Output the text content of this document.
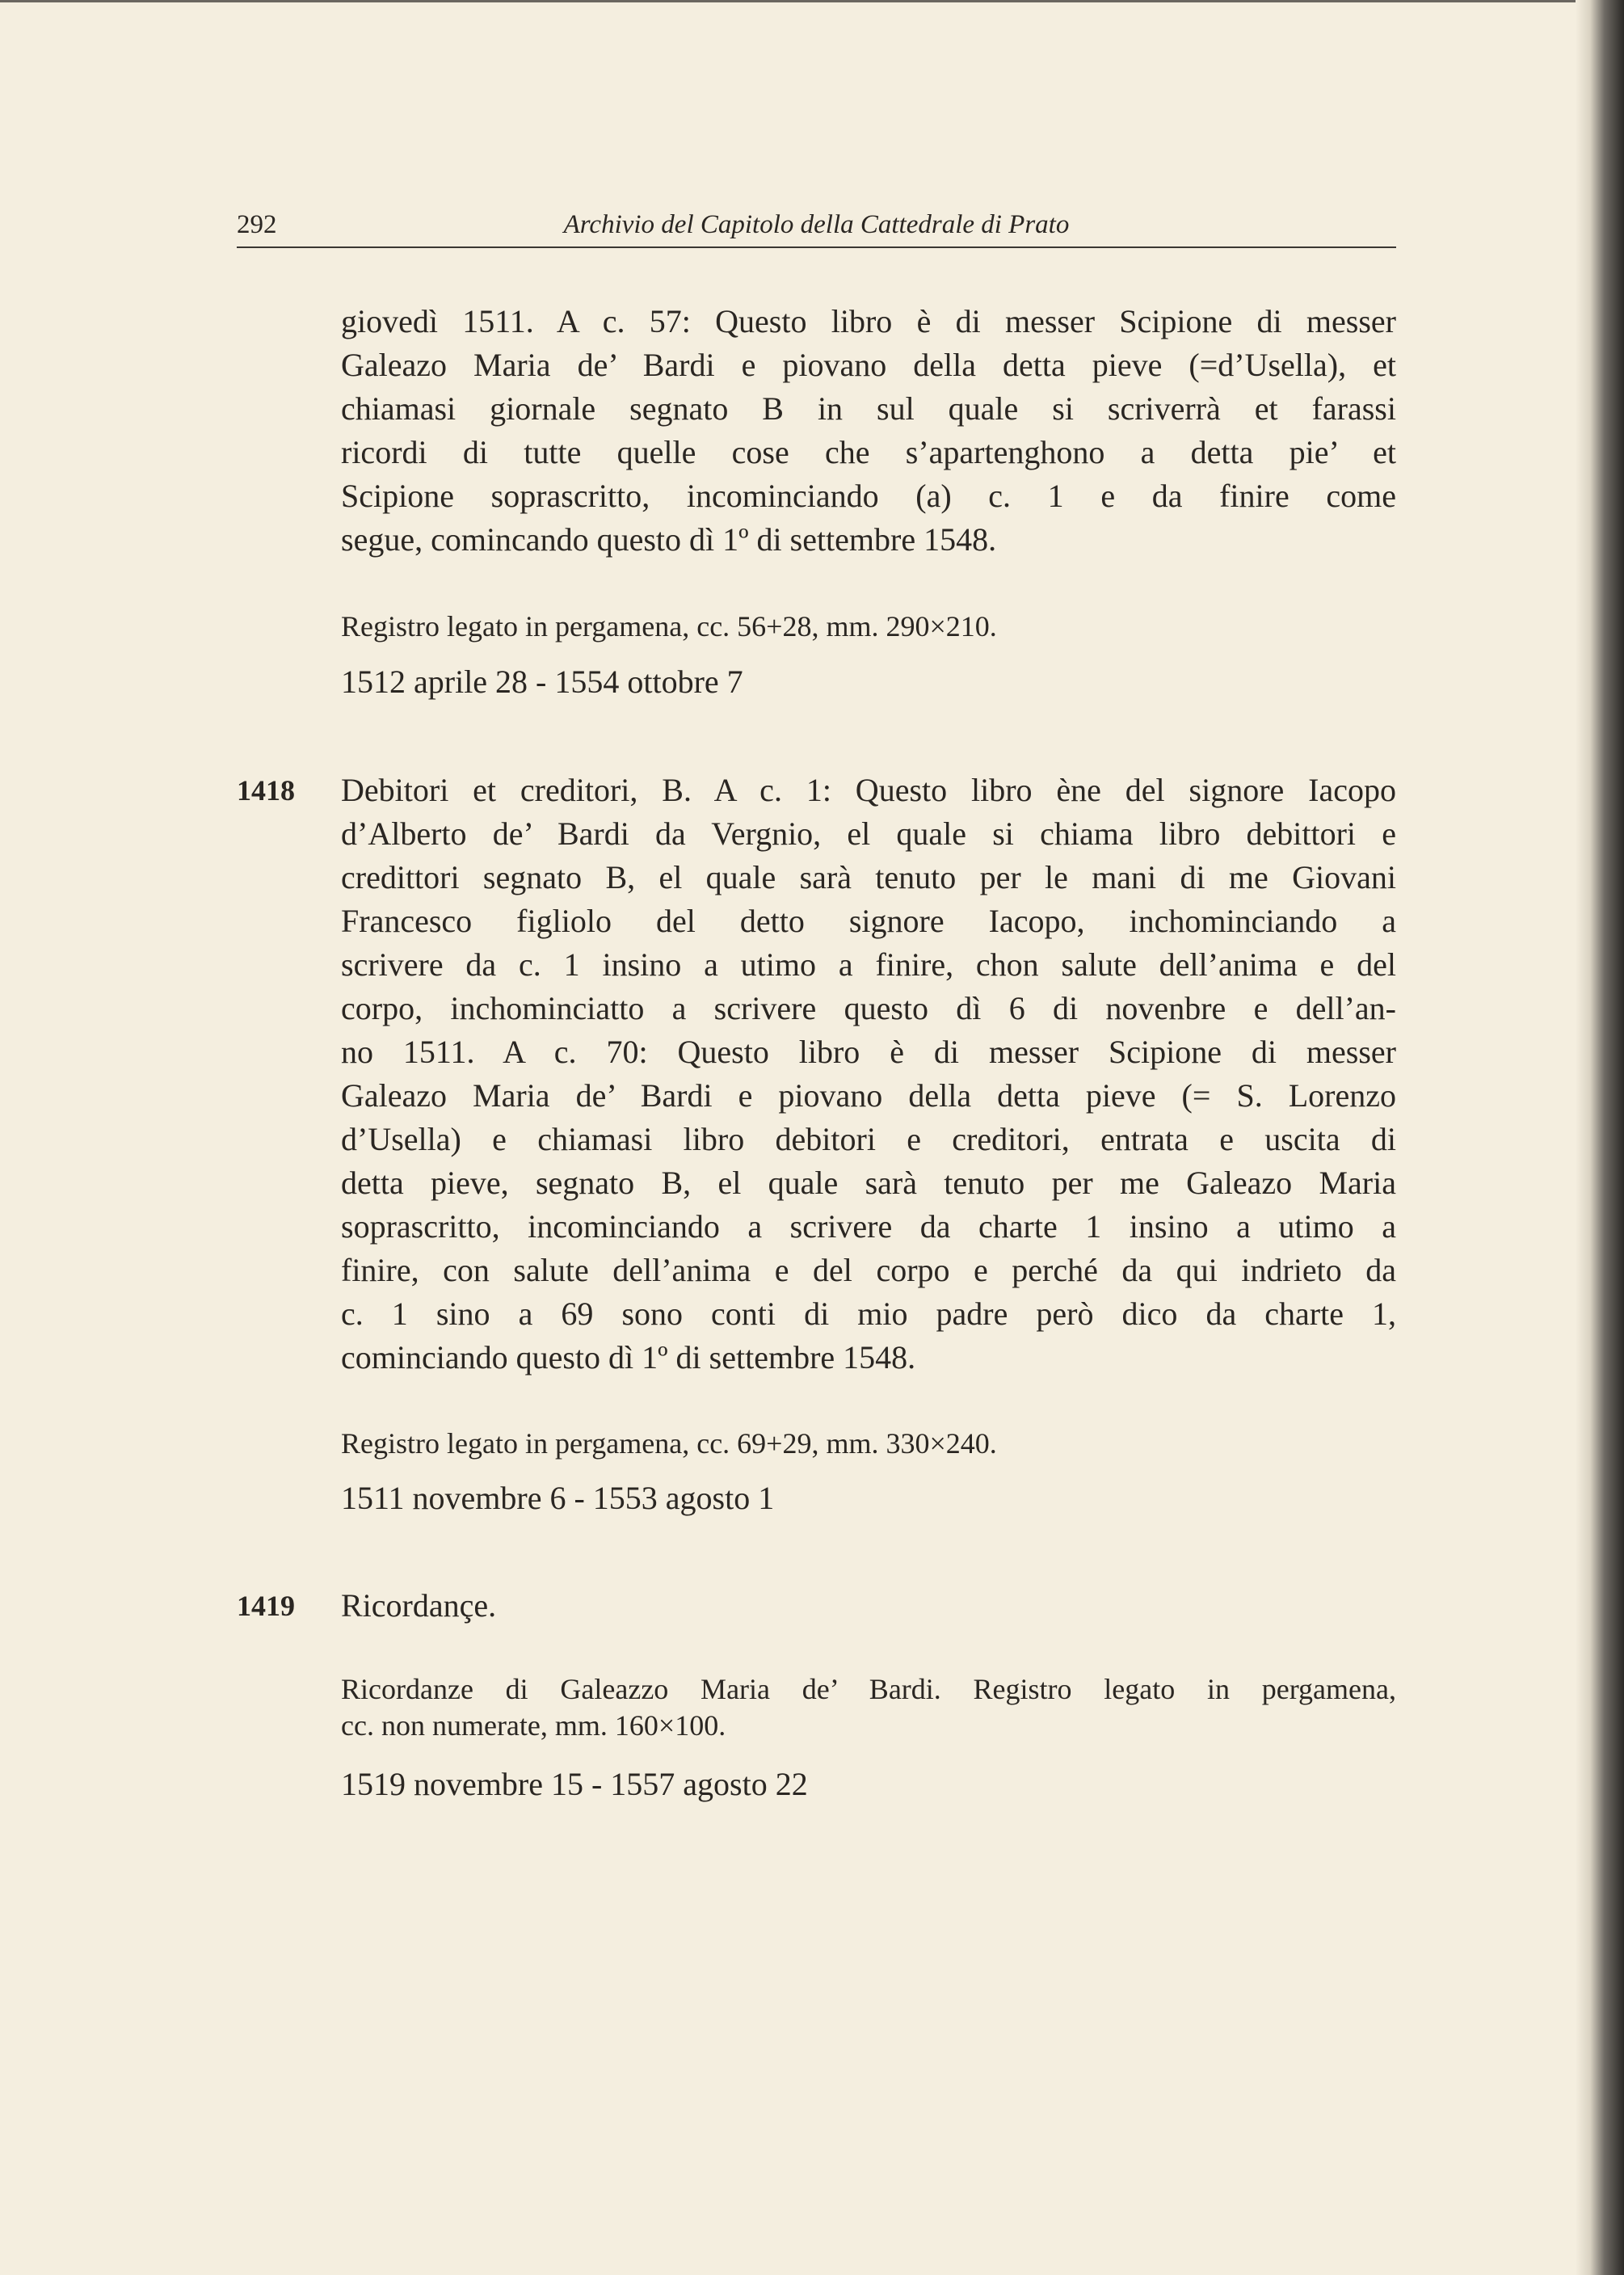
292	Archivio del Capitolo della Cattedrale di Prato
giovedì 1511. A c. 57: Questo libro è di messer Scipione di messer
Galeazo Maria de’ Bardi e piovano della detta pieve (=d’Usella), et
chiamasi giornale segnato B in sul quale si scriverrà et farassi
ricordi di tutte quelle cose che s’apartenghono a detta pie’ et
Scipione soprascritto, incominciando (a) c. 1 e da finire come
segue, comincando questo dì 1º di settembre 1548.
Registro legato in pergamena, cc. 56+28, mm. 290×210.
1512 aprile 28 - 1554 ottobre 7
1418 Debitori et creditori, B. A c. 1: Questo libro ène del signore Iacopo
d’Alberto de’ Bardi da Vergnio, el quale si chiama libro debittori e
credittori segnato B, el quale sarà tenuto per le mani di me Giovani
Francesco figliolo del detto signore Iacopo, inchominciando a
scrivere da c. 1 insino a utimo a finire, chon salute dell’anima e del
corpo, inchominciatto a scrivere questo dì 6 di novenbre e dell’an-
no 1511. A c. 70: Questo libro è di messer Scipione di messer
Galeazo Maria de’ Bardi e piovano della detta pieve (= S. Lorenzo
d’Usella) e chiamasi libro debitori e creditori, entrata e uscita di
detta pieve, segnato B, el quale sarà tenuto per me Galeazo Maria
soprascritto, incominciando a scrivere da charte 1 insino a utimo a
finire, con salute dell’anima e del corpo e perché da qui indrieto da
c. 1 sino a 69 sono conti di mio padre però dico da charte 1,
cominciando questo dì 1º di settembre 1548.
Registro legato in pergamena, cc. 69+29, mm. 330×240.
1511 novembre 6 - 1553 agosto 1
1419 Ricordançe.
Ricordanze di Galeazzo Maria de’ Bardi. Registro legato in pergamena,
cc. non numerate, mm. 160×100.
1519 novembre 15 - 1557 agosto 22
